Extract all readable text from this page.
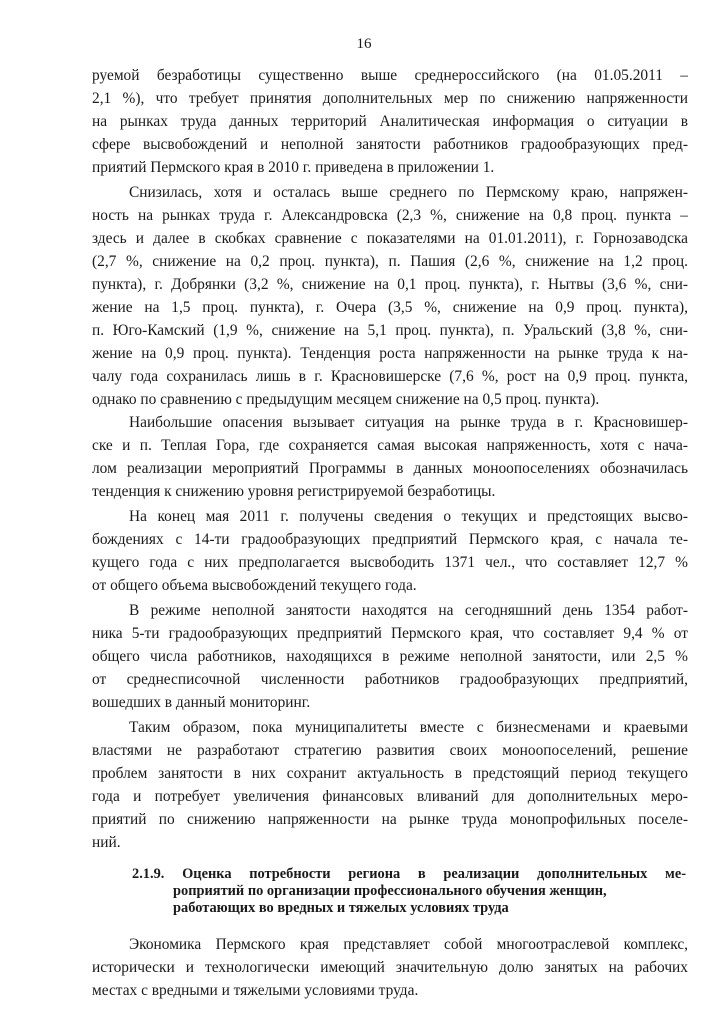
16
руемой безработицы существенно выше среднероссийского (на 01.05.2011 –
2,1 %), что требует принятия дополнительных мер по снижению напряженности
на рынках труда данных территорий Аналитическая информация о ситуации в
сфере высвобождений и неполной занятости работников градообразующих пред-
приятий Пермского края в 2010 г. приведена в приложении 1.
Снизилась, хотя и осталась выше среднего по Пермскому краю, напряжен-
ность на рынках труда г. Александровска (2,3 %, снижение на 0,8 проц. пункта –
здесь и далее в скобках сравнение с показателями на 01.01.2011), г. Горнозаводска
(2,7 %, снижение на 0,2 проц. пункта), п. Пашия (2,6 %, снижение на 1,2 проц.
пункта), г. Добрянки (3,2 %, снижение на 0,1 проц. пункта), г. Нытвы (3,6 %, сни-
жение на 1,5 проц. пункта), г. Очера (3,5 %, снижение на 0,9 проц. пункта),
п. Юго-Камский (1,9 %, снижение на 5,1 проц. пункта), п. Уральский (3,8 %, сни-
жение на 0,9 проц. пункта). Тенденция роста напряженности на рынке труда к на-
чалу года сохранилась лишь в г. Красновишерске (7,6 %, рост на 0,9 проц. пункта,
однако по сравнению с предыдущим месяцем снижение на 0,5 проц. пункта).
Наибольшие опасения вызывает ситуация на рынке труда в г. Красновишер-
ске и п. Теплая Гора, где сохраняется самая высокая напряженность, хотя с нача-
лом реализации мероприятий Программы в данных моноопоселениях обозначилась
тенденция к снижению уровня регистрируемой безработицы.
На конец мая 2011 г. получены сведения о текущих и предстоящих высво-
бождениях с 14-ти градообразующих предприятий Пермского края, с начала те-
кущего года с них предполагается высвободить 1371 чел., что составляет 12,7 %
от общего объема высвобождений текущего года.
В режиме неполной занятости находятся на сегодняшний день 1354 работ-
ника 5-ти градообразующих предприятий Пермского края, что составляет 9,4 % от
общего числа работников, находящихся в режиме неполной занятости, или 2,5 %
от среднесписочной численности работников градообразующих предприятий,
вошедших в данный мониторинг.
Таким образом, пока муниципалитеты вместе с бизнесменами и краевыми
властями не разработают стратегию развития своих моноопоселений, решение
проблем занятости в них сохранит актуальность в предстоящий период текущего
года и потребует увеличения финансовых вливаний для дополнительных меро-
приятий по снижению напряженности на рынке труда монопрофильных поселе-
ний.
2.1.9. Оценка потребности региона в реализации дополнительных ме-
роприятий по организации профессионального обучения женщин,
работающих во вредных и тяжелых условиях труда
Экономика Пермского края представляет собой многоотраслевой комплекс,
исторически и технологически имеющий значительную долю занятых на рабочих
местах с вредными и тяжелыми условиями труда.
